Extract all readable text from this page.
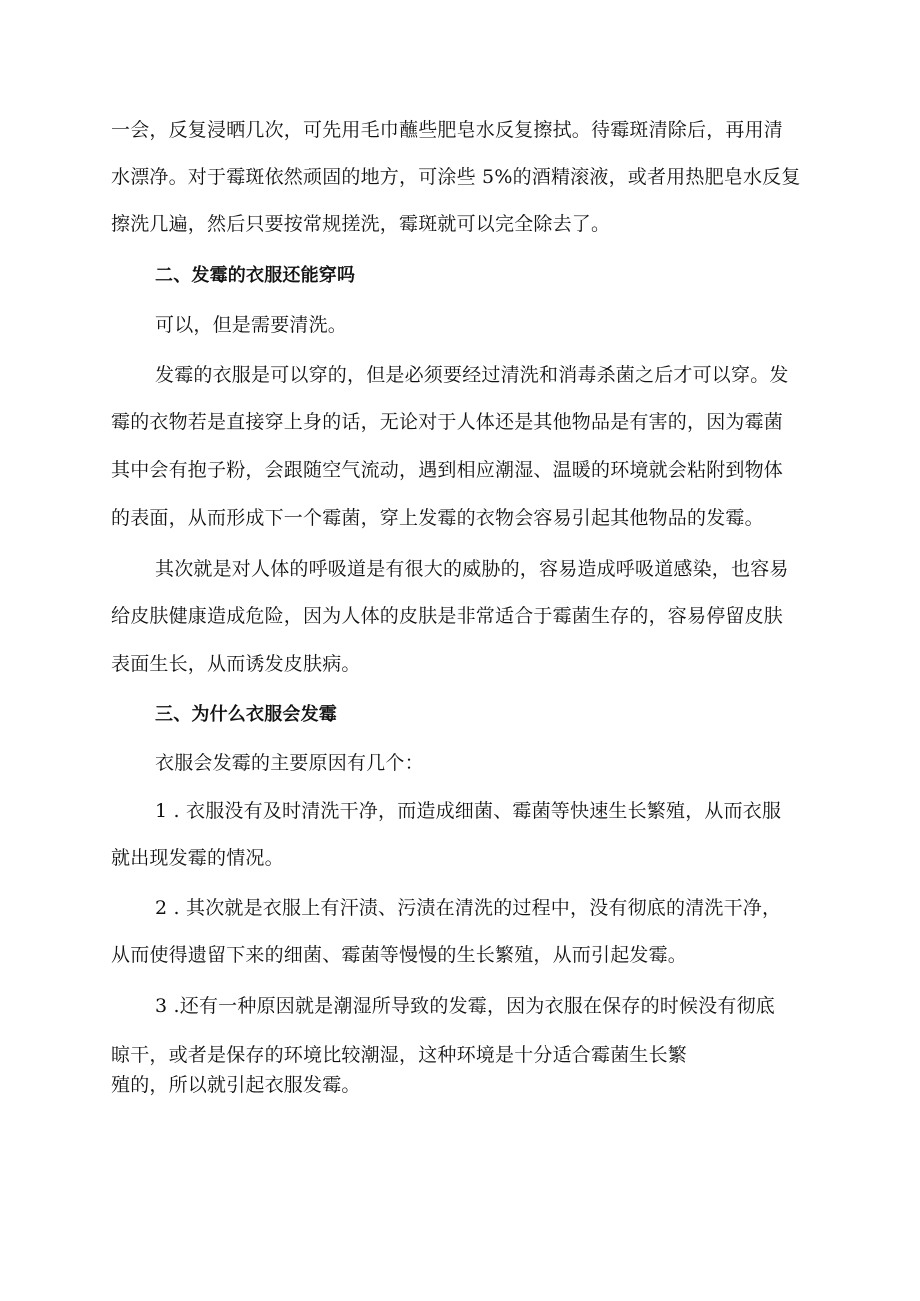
一会，反复浸晒几次，可先用毛巾蘸些肥皂水反复擦拭。待霉斑清除后，再用清
水漂净。对于霉斑依然顽固的地方，可涂些 5%的酒精滚液，或者用热肥皂水反复
擦洗几遍，然后只要按常规搓洗，霉斑就可以完全除去了。
二、发霉的衣服还能穿吗
可以，但是需要清洗。
发霉的衣服是可以穿的，但是必须要经过清洗和消毒杀菌之后才可以穿。发
霉的衣物若是直接穿上身的话，无论对于人体还是其他物品是有害的，因为霉菌
其中会有抱子粉，会跟随空气流动，遇到相应潮湿、温暖的环境就会粘附到物体
的表面，从而形成下一个霉菌，穿上发霉的衣物会容易引起其他物品的发霉。
其次就是对人体的呼吸道是有很大的威胁的，容易造成呼吸道感染，也容易
给皮肤健康造成危险，因为人体的皮肤是非常适合于霉菌生存的，容易停留皮肤
表面生长，从而诱发皮肤病。
三、为什么衣服会发霉
衣服会发霉的主要原因有几个：
1 . 衣服没有及时清洗干净，而造成细菌、霉菌等快速生长繁殖，从而衣服
就出现发霉的情况。
2 . 其次就是衣服上有汗渍、污渍在清洗的过程中，没有彻底的清洗干净，
从而使得遗留下来的细菌、霉菌等慢慢的生长繁殖，从而引起发霉。
3 .还有一种原因就是潮湿所导致的发霉，因为衣服在保存的时候没有彻底
晾干，或者是保存的环境比较潮湿，这种环境是十分适合霉菌生长繁
殖的，所以就引起衣服发霉。
